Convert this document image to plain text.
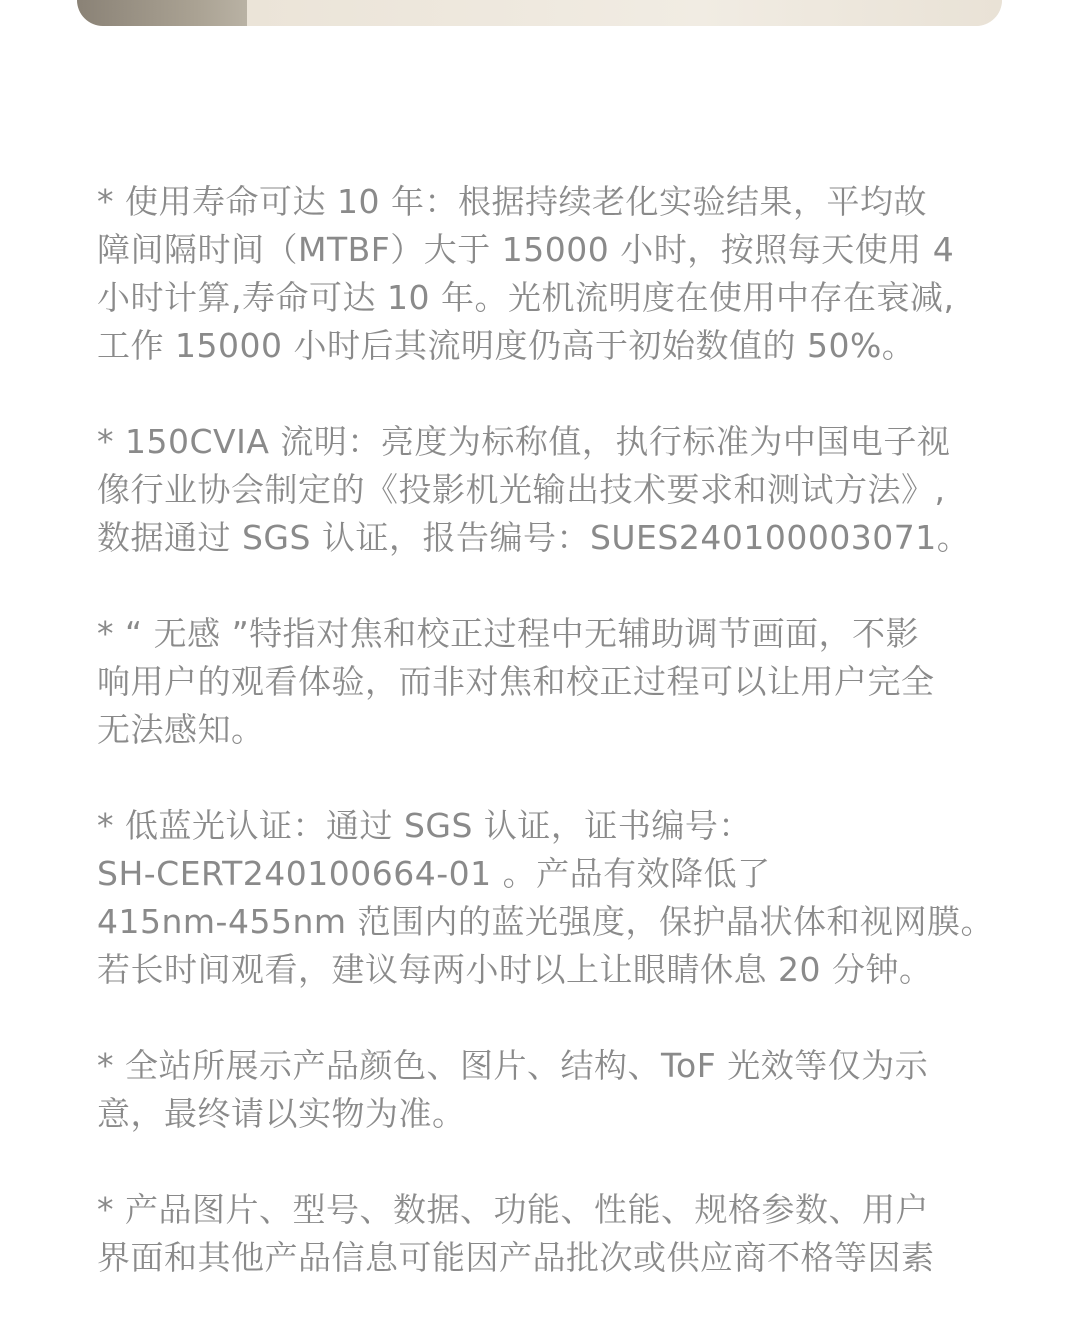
* 使用寿命可达 10 年：根据持续老化实验结果，平均故
障间隔时间（MTBF）大于 15000 小时，按照每天使用 4
小时计算,寿命可达 10 年。光机流明度在使用中存在衰减,
工作 15000 小时后其流明度仍高于初始数值的 50%。

* 150CVIA 流明：亮度为标称值，执行标准为中国电子视
像行业协会制定的《投影机光输出技术要求和测试方法》,
数据通过 SGS 认证，报告编号：SUES240100003071。

* “ 无感 ”特指对焦和校正过程中无辅助调节画面，不影
响用户的观看体验，而非对焦和校正过程可以让用户完全
无法感知。

* 低蓝光认证：通过 SGS 认证，证书编号：
SH-CERT240100664-01 。产品有效降低了
415nm-455nm 范围内的蓝光强度，保护晶状体和视网膜。
若长时间观看，建议每两小时以上让眼睛休息 20 分钟。

* 全站所展示产品颜色、图片、结构、ToF 光效等仅为示
意，最终请以实物为准。

* 产品图片、型号、数据、功能、性能、规格参数、用户
界面和其他产品信息可能因产品批次或供应商不格等因素
